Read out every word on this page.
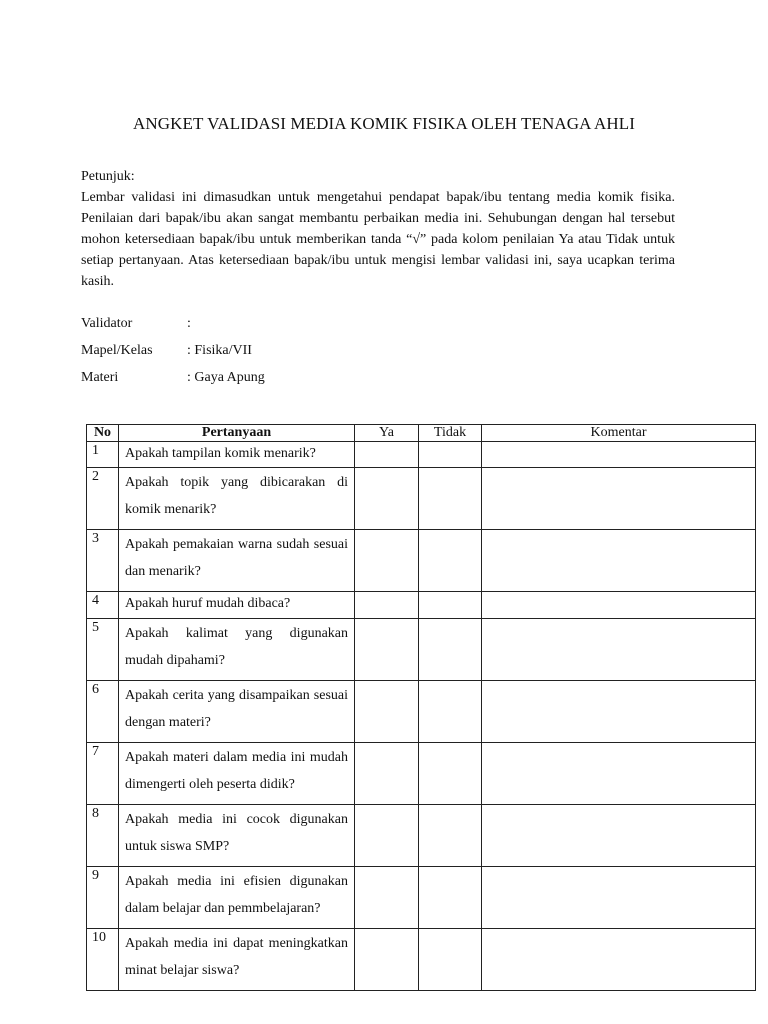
ANGKET VALIDASI MEDIA KOMIK FISIKA OLEH TENAGA AHLI
Petunjuk:
Lembar validasi ini dimasudkan untuk mengetahui pendapat bapak/ibu tentang media komik fisika. Penilaian dari bapak/ibu akan sangat membantu perbaikan media ini. Sehubungan dengan hal tersebut mohon ketersediaan bapak/ibu untuk memberikan tanda “√” pada kolom penilaian Ya atau Tidak untuk setiap pertanyaan. Atas ketersediaan bapak/ibu untuk mengisi lembar validasi ini, saya ucapkan terima kasih.
Validator	:
Mapel/Kelas : Fisika/VII
Materi	: Gaya Apung
No	Pertanyaan	Ya	Tidak	Komentar
1	Apakah tampilan komik menarik?			
2	Apakah topik yang dibicarakan di komik menarik?			
3	Apakah pemakaian warna sudah sesuai dan menarik?			
4	Apakah huruf mudah dibaca?			
5	Apakah kalimat yang digunakan mudah dipahami?			
6	Apakah cerita yang disampaikan sesuai dengan materi?			
7	Apakah materi dalam media ini mudah dimengerti oleh peserta didik?			
8	Apakah media ini cocok digunakan untuk siswa SMP?			
9	Apakah media ini efisien digunakan dalam belajar dan pemmbelajaran?			
10	Apakah media ini dapat meningkatkan minat belajar siswa?			
